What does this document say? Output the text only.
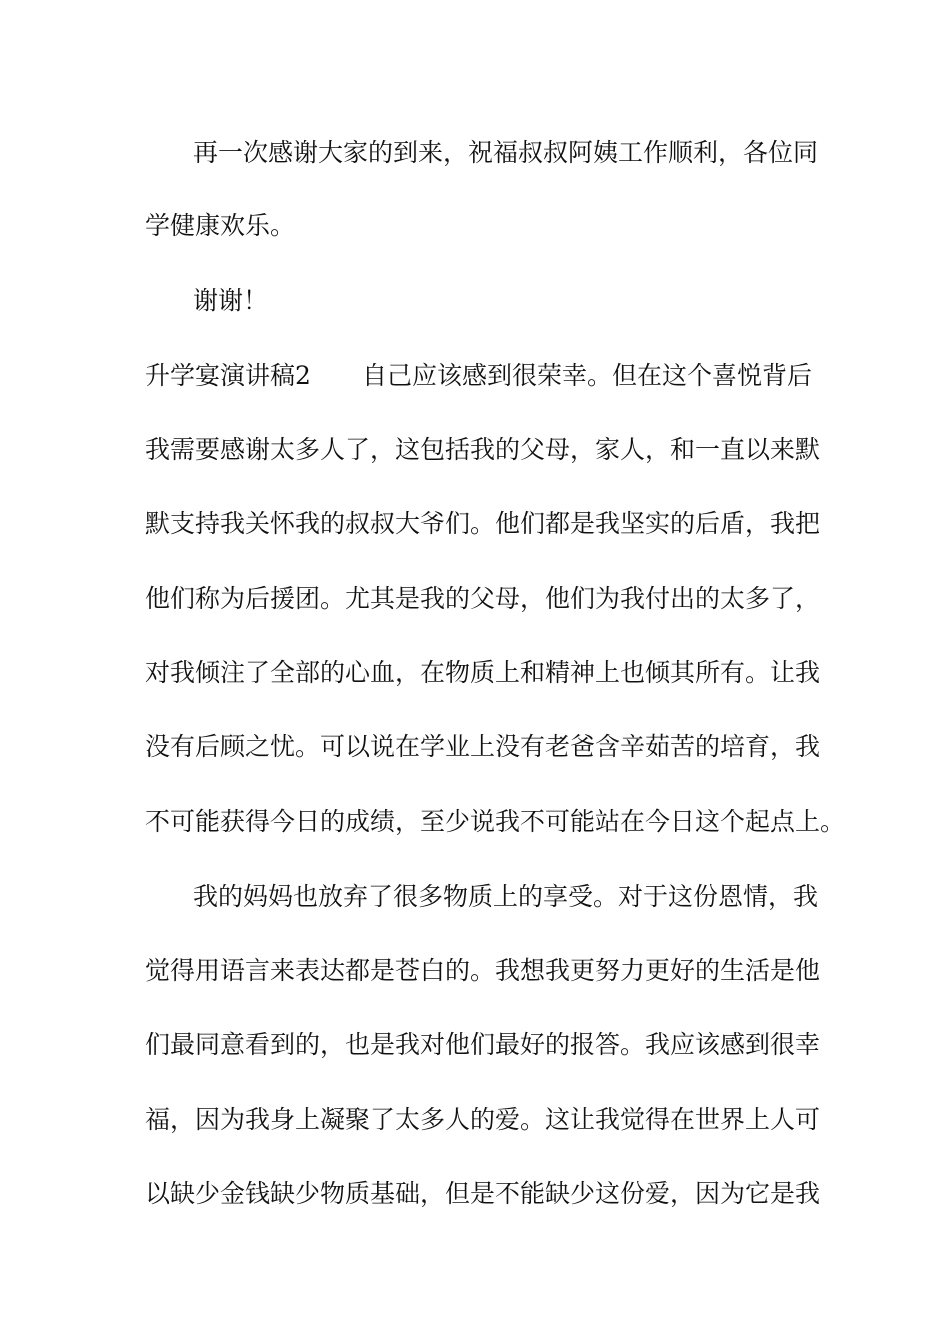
再一次感谢大家的到来，祝福叔叔阿姨工作顺利，各位同

学健康欢乐。

谢谢！

升学宴演讲稿2 自己应该感到很荣幸。但在这个喜悦背后

我需要感谢太多人了，这包括我的父母，家人，和一直以来默

默支持我关怀我的叔叔大爷们。他们都是我坚实的后盾，我把

他们称为后援团。尤其是我的父母，他们为我付出的太多了，

对我倾注了全部的心血，在物质上和精神上也倾其所有。让我

没有后顾之忧。可以说在学业上没有老爸含辛茹苦的培育，我

不可能获得今日的成绩，至少说我不可能站在今日这个起点上。

我的妈妈也放弃了很多物质上的享受。对于这份恩情，我

觉得用语言来表达都是苍白的。我想我更努力更好的生活是他

们最同意看到的，也是我对他们最好的报答。我应该感到很幸

福，因为我身上凝聚了太多人的爱。这让我觉得在世界上人可

以缺少金钱缺少物质基础，但是不能缺少这份爱，因为它是我
